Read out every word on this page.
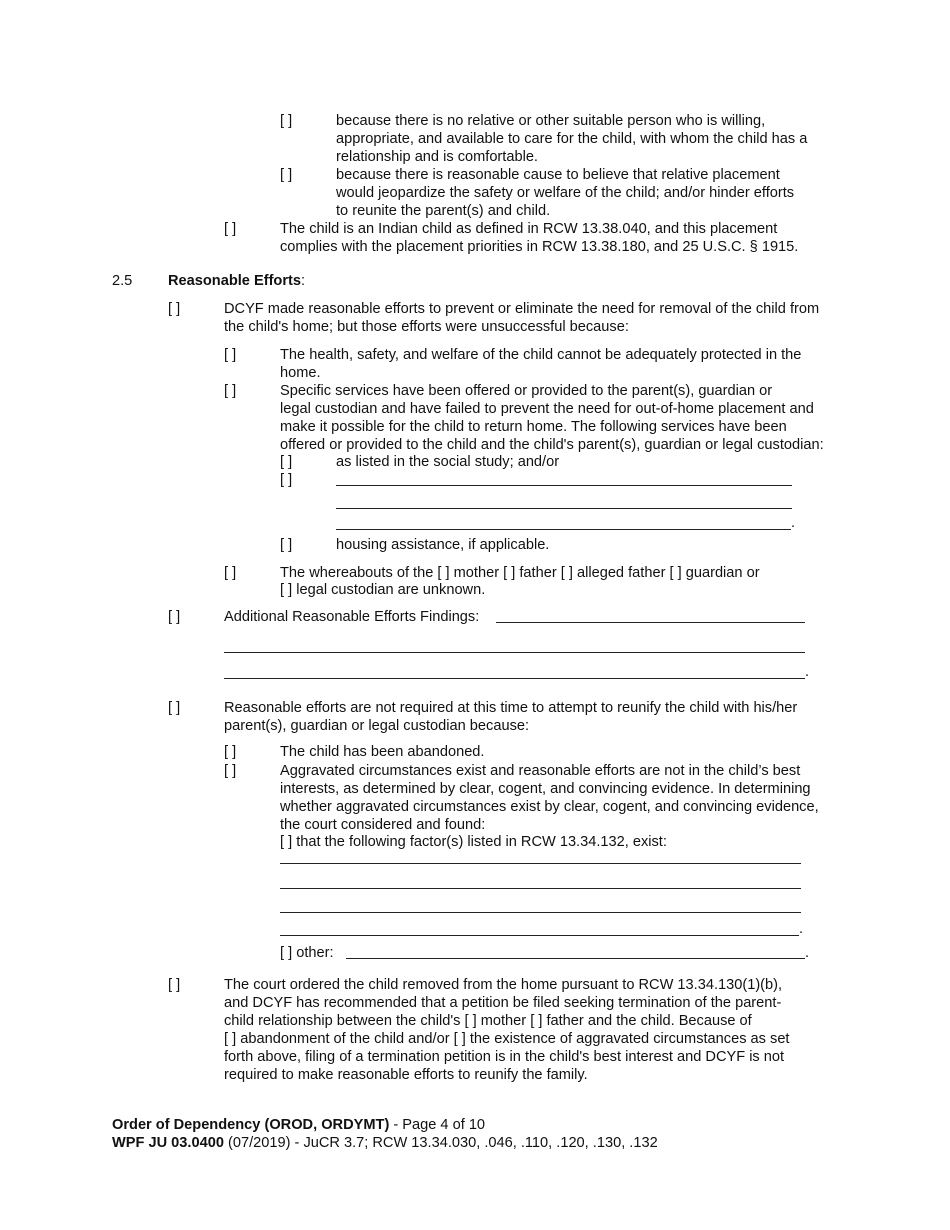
[ ]	because there is no relative or other suitable person who is willing,

appropriate, and available to care for the child, with whom the child has a

relationship and is comfortable.

[ ]	because there is reasonable cause to believe that relative placement

would jeopardize the safety or welfare of the child; and/or hinder efforts

to reunite the parent(s) and child.

[ ]	The child is an Indian child as defined in RCW 13.38.040, and this placement

complies with the placement priorities in RCW 13.38.180, and 25 U.S.C. § 1915.

2.5 Reasonable Efforts:
[ ]	DCYF made reasonable efforts to prevent or eliminate the need for removal of the child from

the child's home; but those efforts were unsuccessful because:

[ ]	The health, safety, and welfare of the child cannot be adequately protected in the

home.

[ ]	Specific services have been offered or provided to the parent(s), guardian or

legal custodian and have failed to prevent the need for out-of-home placement and

make it possible for the child to return home. The following services have been

offered or provided to the child and the child's parent(s), guardian or legal custodian:

[ ]	as listed in the social study; and/or
[ ]
.
[ ]	housing assistance, if applicable.
[ ]	The whereabouts of the [ ] mother [ ] father [ ] alleged father [ ] guardian or
[ ] legal custodian are unknown.
[ ]	Additional Reasonable Efforts Findings:
.
[ ]	Reasonable efforts are not required at this time to attempt to reunify the child with his/her

parent(s), guardian or legal custodian because:

[ ]	The child has been abandoned.
[ ]	Aggravated circumstances exist and reasonable efforts are not in the child’s best

interests, as determined by clear, cogent, and convincing evidence. In determining

whether aggravated circumstances exist by clear, cogent, and convincing evidence,

the court considered and found:

[ ] that the following factor(s) listed in RCW 13.34.132, exist:
.
[ ] other:	.
[ ]	The court ordered the child removed from the home pursuant to RCW 13.34.130(1)(b),

and DCYF has recommended that a petition be filed seeking termination of the parent-

child relationship between the child's [ ] mother [ ] father and the child. Because of

[ ] abandonment of the child and/or [ ] the existence of aggravated circumstances as set

forth above, filing of a termination petition is in the child's best interest and DCYF is not

required to make reasonable efforts to reunify the family.

Order of Dependency (OROD, ORDYMT) - Page 4 of 10
WPF JU 03.0400 (07/2019) - JuCR 3.7; RCW 13.34.030, .046, .110, .120, .130, .132
